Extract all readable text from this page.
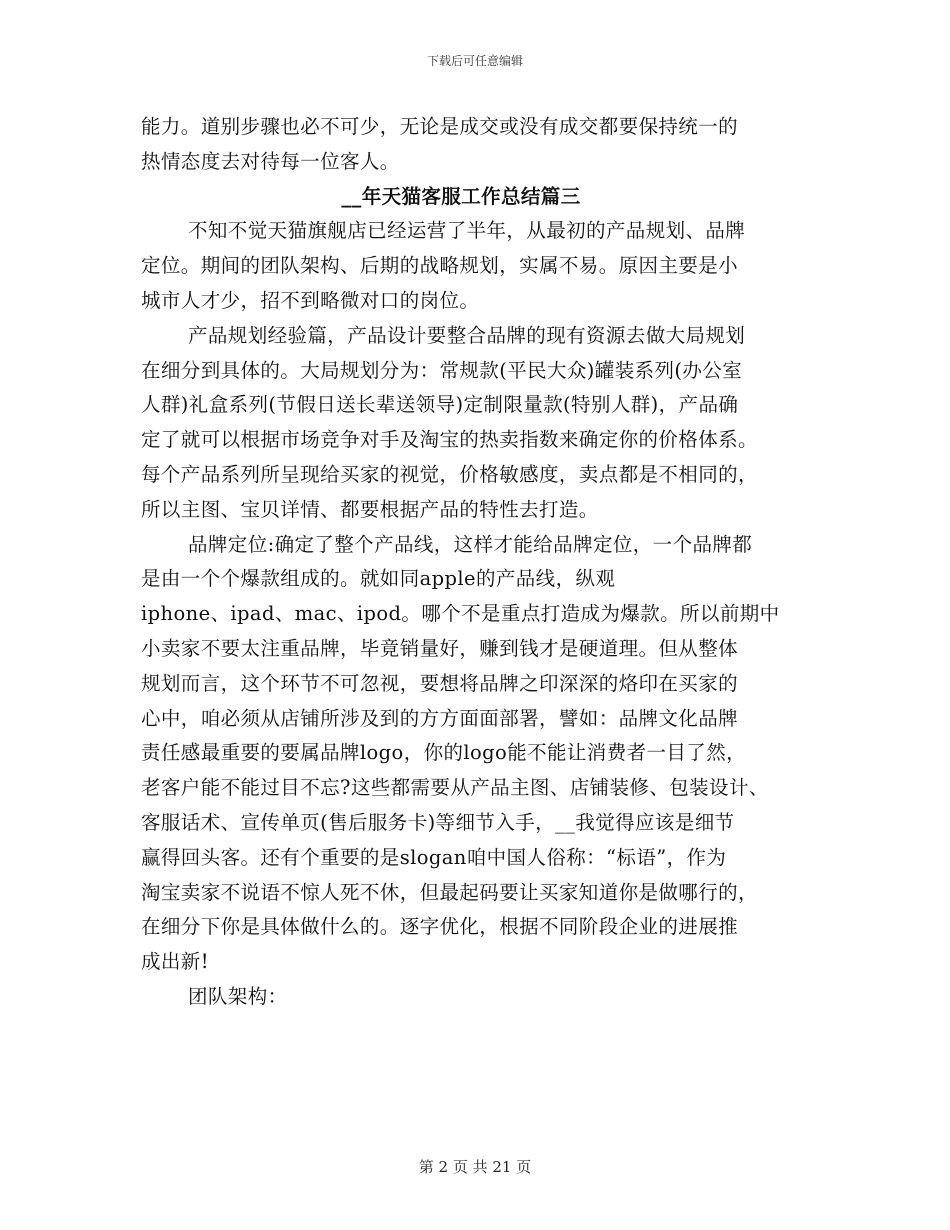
下载后可任意编辑
能力。道别步骤也必不可少，无论是成交或没有成交都要保持统一的
热情态度去对待每一位客人。
__年天猫客服工作总结篇三
不知不觉天猫旗舰店已经运营了半年，从最初的产品规划、品牌
定位。期间的团队架构、后期的战略规划，实属不易。原因主要是小
城市人才少，招不到略微对口的岗位。
产品规划经验篇，产品设计要整合品牌的现有资源去做大局规划
在细分到具体的。大局规划分为：常规款(平民大众)罐装系列(办公室
人群)礼盒系列(节假日送长辈送领导)定制限量款(特别人群)，产品确
定了就可以根据市场竞争对手及淘宝的热卖指数来确定你的价格体系。
每个产品系列所呈现给买家的视觉，价格敏感度，卖点都是不相同的，
所以主图、宝贝详情、都要根据产品的特性去打造。
品牌定位:确定了整个产品线，这样才能给品牌定位，一个品牌都
是由一个个爆款组成的。就如同apple的产品线，纵观
iphone、ipad、mac、ipod。哪个不是重点打造成为爆款。所以前期中
小卖家不要太注重品牌，毕竟销量好，赚到钱才是硬道理。但从整体
规划而言，这个环节不可忽视，要想将品牌之印深深的烙印在买家的
心中，咱必须从店铺所涉及到的方方面面部署，譬如：品牌文化品牌
责任感最重要的要属品牌logo，你的logo能不能让消费者一目了然，
老客户能不能过目不忘?这些都需要从产品主图、店铺装修、包装设计、
客服话术、宣传单页(售后服务卡)等细节入手，__我觉得应该是细节
赢得回头客。还有个重要的是slogan咱中国人俗称：“标语”，作为
淘宝卖家不说语不惊人死不休，但最起码要让买家知道你是做哪行的，
在细分下你是具体做什么的。逐字优化，根据不同阶段企业的进展推
成出新!
团队架构：
第 2 页 共 21 页
